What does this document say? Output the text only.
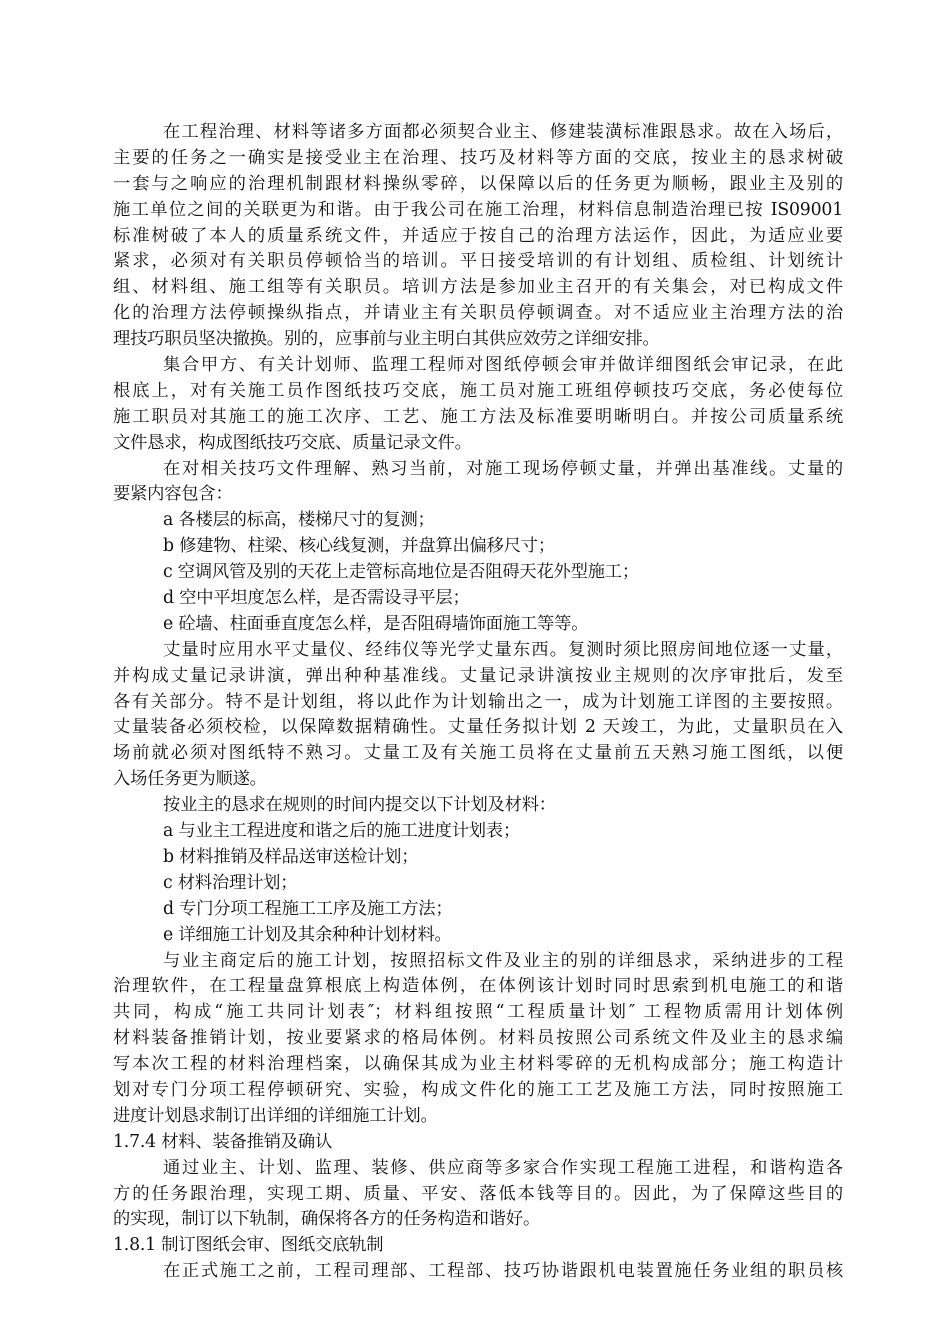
在工程治理、材料等诸多方面都必须契合业主、修建装潢标准跟恳求。故在入场后，
主要的任务之一确实是接受业主在治理、技巧及材料等方面的交底，按业主的恳求树破
一套与之响应的治理机制跟材料操纵零碎，以保障以后的任务更为顺畅，跟业主及别的
施工单位之间的关联更为和谐。由于我公司在施工治理，材料信息制造治理已按 IS09001
标准树破了本人的质量系统文件，并适应于按自己的治理方法运作，因此，为适应业要
紧求，必须对有关职员停顿恰当的培训。平日接受培训的有计划组、质检组、计划统计
组、材料组、施工组等有关职员。培训方法是参加业主召开的有关集会，对已构成文件
化的治理方法停顿操纵指点，并请业主有关职员停顿调查。对不适应业主治理方法的治
理技巧职员坚决撤换。别的，应事前与业主明白其供应效劳之详细安排。
集合甲方、有关计划师、监理工程师对图纸停顿会审并做详细图纸会审记录，在此
根底上，对有关施工员作图纸技巧交底，施工员对施工班组停顿技巧交底，务必使每位
施工职员对其施工的施工次序、工艺、施工方法及标准要明晰明白。并按公司质量系统
文件恳求，构成图纸技巧交底、质量记录文件。
在对相关技巧文件理解、熟习当前，对施工现场停顿丈量，并弹出基准线。丈量的
要紧内容包含：
a 各楼层的标高，楼梯尺寸的复测；
b 修建物、柱梁、核心线复测，并盘算出偏移尺寸；
c 空调风管及别的天花上走管标高地位是否阻碍天花外型施工；
d 空中平坦度怎么样，是否需设寻平层；
e 砼墙、柱面垂直度怎么样，是否阻碍墙饰面施工等等。
丈量时应用水平丈量仪、经纬仪等光学丈量东西。复测时须比照房间地位逐一丈量，
并构成丈量记录讲演，弹出种种基准线。丈量记录讲演按业主规则的次序审批后，发至
各有关部分。特不是计划组，将以此作为计划输出之一，成为计划施工详图的主要按照。
丈量装备必须校检，以保障数据精确性。丈量任务拟计划 2 天竣工，为此，丈量职员在入
场前就必须对图纸特不熟习。丈量工及有关施工员将在丈量前五天熟习施工图纸，以便
入场任务更为顺遂。
按业主的恳求在规则的时间内提交以下计划及材料：
a 与业主工程进度和谐之后的施工进度计划表；
b 材料推销及样品送审送检计划；
c 材料治理计划；
d 专门分项工程施工工序及施工方法；
e 详细施工计划及其余种种计划材料。
与业主商定后的施工计划，按照招标文件及业主的别的详细恳求，采纳进步的工程
治理软件，在工程量盘算根底上构造体例，在体例该计划时同时思索到机电施工的和谐
共同，构成“施工共同计划表″；材料组按照“工程质量计划″ 工程物质需用计划体例
材料装备推销计划，按业要紧求的格局体例。材料员按照公司系统文件及业主的恳求编
写本次工程的材料治理档案，以确保其成为业主材料零碎的无机构成部分；施工构造计
划对专门分项工程停顿研究、实验，构成文件化的施工工艺及施工方法，同时按照施工
进度计划恳求制订出详细的详细施工计划。
1.7.4 材料、装备推销及确认
通过业主、计划、监理、装修、供应商等多家合作实现工程施工进程，和谐构造各
方的任务跟治理，实现工期、质量、平安、落低本钱等目的。因此，为了保障这些目的
的实现，制订以下轨制，确保将各方的任务构造和谐好。
1.8.1 制订图纸会审、图纸交底轨制
在正式施工之前，工程司理部、工程部、技巧协谐跟机电装置施任务业组的职员核
